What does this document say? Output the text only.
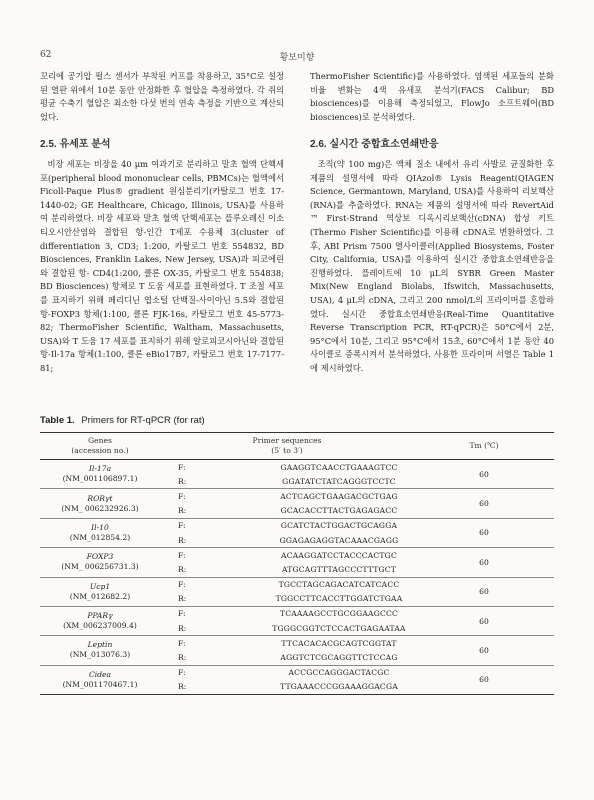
62	황보미향

꼬리에 공기압 펄스 센서가 부착된 커프를 착용하고, 35°C로 설정된 열판 위에서 10분 동안 안정화한 후 혈압을 측정하였다. 각 쥐의 평균 수축기 혈압은 최소한 다섯 번의 연속 측정을 기반으로 계산되었다.

2.5. 유세포 분석

비장 세포는 비장을 40 μm 여과기로 분리하고 말초 혈액 단핵세포(peripheral blood mononuclear cells, PBMCs)는 혈액에서 Ficoll-Paque Plus® gradient 원심분리기(카탈로그 번호 17-1440-02; GE Healthcare, Chicago, Illinois, USA)를 사용하여 분리하였다. 비장 세포와 말초 혈액 단핵세포는 플루오레신 이소티오시안산염와 결합된 항-인간 T세포 수용체 3(cluster of differentiation 3, CD3; 1:200, 카탈로그 번호 554832, BD Biosciences, Franklin Lakes, New Jersey, USA)과 피코에린와 결합된 항- CD4(1:200, 클론 OX-35, 카탈로그 번호 554838; BD Biosciences) 항체로 T 도움 세포를 표현하였다. T 조절 세포를 표지하기 위해 페리디닌 엽소털 단백질-사이아닌 5.5와 결합된 항-FOXP3 항체(1:100, 클론 FJK-16s, 카탈로그 번호 45-5773-82; ThermoFisher Scientific, Waltham, Massachusetts, USA)와 T 도움 17 세포를 표지하기 위해 알로피코시아닌와 결합된 항-Il-17a 항체(1:100, 클론 eBio17B7, 카탈로그 번호 17-7177-81;

ThermoFisher Scientific)를 사용하였다. 염색된 세포들의 분화 비율 변화는 4색 유세포 분석기(FACS Calibur; BD biosciences)를 이용해 측정되었고, FlowJo 소프트웨어(BD biosciences)로 분석하였다.

2.6. 실시간 중합효소연쇄반응

조직(약 100 mg)은 액체 질소 내에서 유리 사발로 균질화한 후 제품의 설명서에 따라 QIAzol® Lysis Reagent(QIAGEN Science, Germantown, Maryland, USA)를 사용하여 리보핵산(RNA)를 추출하였다. RNA는 제품의 설명서에 따라 RevertAid ™ First-Strand 역상보 디옥시리보핵산(cDNA) 합성 키트(Thermo Fisher Scientific)를 이용해 cDNA로 변환하였다. 그 후, ABI Prism 7500 열사이클러(Applied Biosystems, Foster City, California, USA)를 이용하여 실시간 중합효소연쇄반응을 진행하였다. 플레이트에 10 μL의 SYBR Green Master Mix(New England Biolabs, Ifswitch, Massachusetts, USA), 4 μL의 cDNA, 그리고 200 nmol/L의 프라이머를 혼합하였다. 실시간 중합효소연쇄반응(Real-Time Quantitative Reverse Transcription PCR, RT-qPCR)은 50°C에서 2분, 95°C에서 10분, 그리고 95°C에서 15초, 60°C에서 1분 동안 40 사이클로 증폭시켜서 분석하였다. 사용한 프라이머 서열은 Table 1에 제시하였다.

Table 1. Primers for RT-qPCR (for rat)
Genes
(accession no.)	Primer sequences
(5′ to 3′)		Tm (℃)

Il-17a
(NM_001106897.1)	F:	GAAGGTCAACCTGAAAGTCC	60
	R:	GGATATCTATCAGGGTCCTC	

RORγt
(NM_ 006232926.3)	F:	ACTCAGCTGAAGACGCTGAG	60
	R:	GCACACCTTACTGAGAGACC	

Il-10
(NM_012854.2)	F:	GCATCTACTGGACTGCAGGA	60
	R:	GGAGAGAGGTACAAACGAGG	

FOXP3
(NM_ 006256731.3)	F:	ACAAGGATCCTACCCACTGC	60
	R:	ATGCAGTTTAGCCCTTTGCT	

Ucp1
(NM_012682.2)	F:	TGCCTAGCAGACATCATCACC	60
	R:	TGGCCTTCACCTTGGATCTGAA	

PPARγ
(XM_006237009.4)	F:	TCAAAAGCCTGCGGAAGCCC	60
	R:	TGGGCGGTCTCCACTGAGAATAA	

Leptin
(NM_013076.3)	F:	TTCACACACGCAGTCGGTAT	60
	R:	AGGTCTCGCAGGTTCTCCAG	

Cidea
(NM_001170467.1)	F:	ACCGCCAGGGACTACGC	60
	R:	TTGAAACCCGGAAAGGACGA	
